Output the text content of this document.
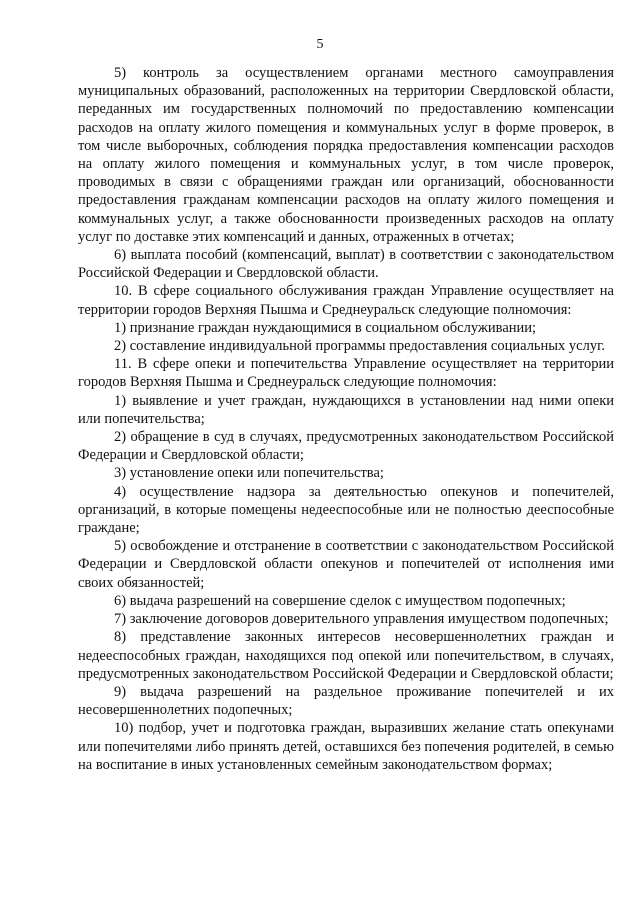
5

5) контроль за осуществлением органами местного самоуправления муниципальных образований, расположенных на территории Свердловской области, переданных им государственных полномочий по предоставлению компенсации расходов на оплату жилого помещения и коммунальных услуг в форме проверок, в том числе выборочных, соблюдения порядка предоставления компенсации расходов на оплату жилого помещения и коммунальных услуг, в том числе проверок, проводимых в связи с обращениями граждан или организаций, обоснованности предоставления гражданам компенсации расходов на оплату жилого помещения и коммунальных услуг, а также обоснованности произведенных расходов на оплату услуг по доставке этих компенсаций и данных, отраженных в отчетах;

6) выплата пособий (компенсаций, выплат) в соответствии с законодательством Российской Федерации и Свердловской области.

10. В сфере социального обслуживания граждан Управление осуществляет на территории городов Верхняя Пышма и Среднеуральск следующие полномочия:

1) признание граждан нуждающимися в социальном обслуживании;

2) составление индивидуальной программы предоставления социальных услуг.

11. В сфере опеки и попечительства Управление осуществляет на территории городов Верхняя Пышма и Среднеуральск следующие полномочия:

1) выявление и учет граждан, нуждающихся в установлении над ними опеки или попечительства;

2) обращение в суд в случаях, предусмотренных законодательством Российской Федерации и Свердловской области;

3) установление опеки или попечительства;

4) осуществление надзора за деятельностью опекунов и попечителей, организаций, в которые помещены недееспособные или не полностью дееспособные граждане;

5) освобождение и отстранение в соответствии с законодательством Российской Федерации и Свердловской области опекунов и попечителей от исполнения ими своих обязанностей;

6) выдача разрешений на совершение сделок с имуществом подопечных;

7) заключение договоров доверительного управления имуществом подопечных;

8) представление законных интересов несовершеннолетних граждан и недееспособных граждан, находящихся под опекой или попечительством, в случаях, предусмотренных законодательством Российской Федерации и Свердловской области;

9) выдача разрешений на раздельное проживание попечителей и их несовершеннолетних подопечных;

10) подбор, учет и подготовка граждан, выразивших желание стать опекунами или попечителями либо принять детей, оставшихся без попечения родителей, в семью на воспитание в иных установленных семейным законодательством формах;
